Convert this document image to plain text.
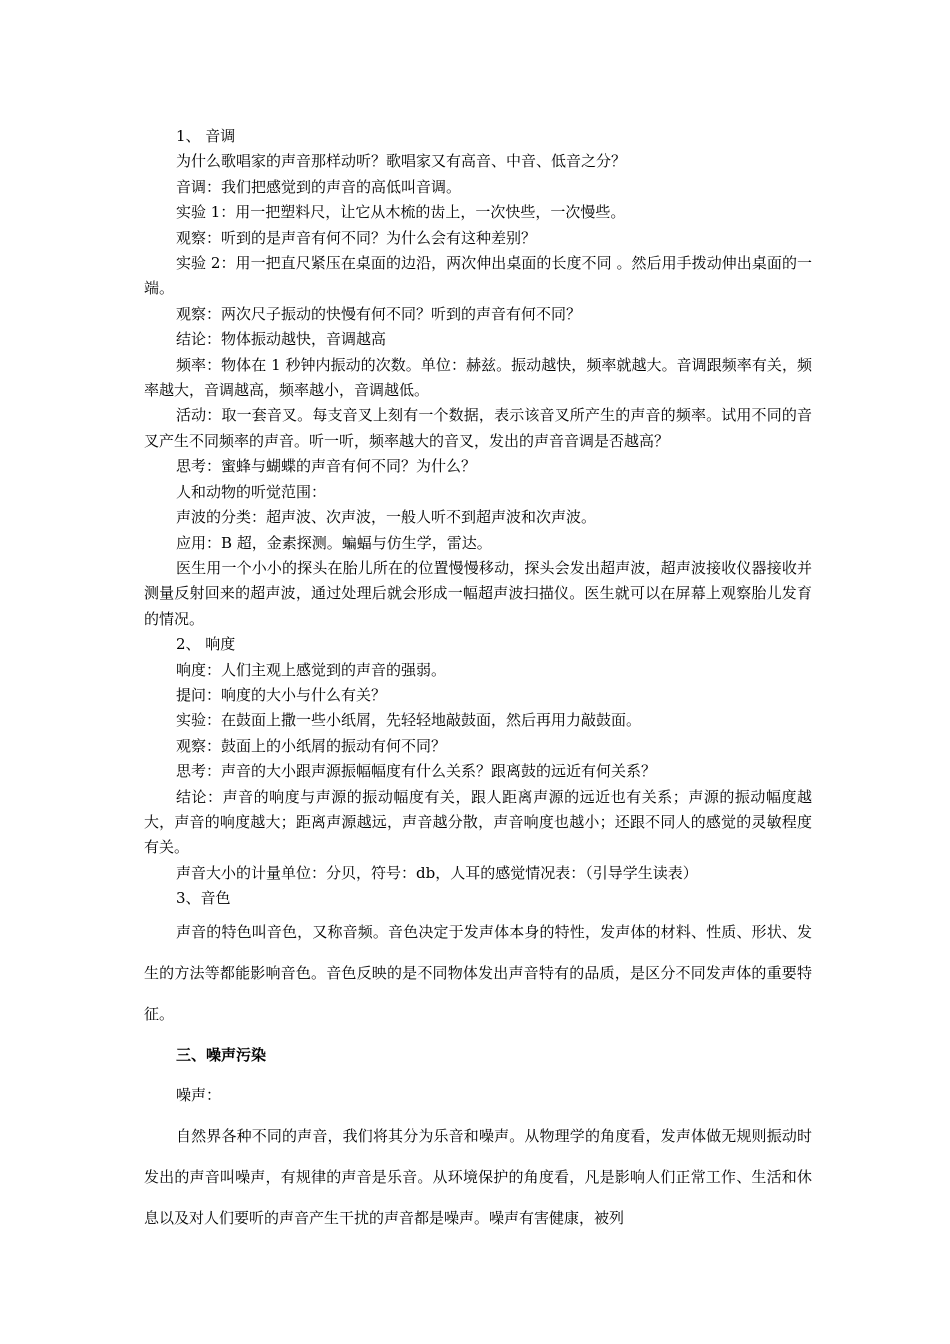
1、 音调

为什么歌唱家的声音那样动听？歌唱家又有高音、中音、低音之分？

音调：我们把感觉到的声音的高低叫音调。

实验 1：用一把塑料尺，让它从木梳的齿上，一次快些，一次慢些。

观察：听到的是声音有何不同？为什么会有这种差别？

实验 2：用一把直尺紧压在桌面的边沿，两次伸出桌面的长度不同 。然后用手拨动伸出桌面的一端。

观察：两次尺子振动的快慢有何不同？听到的声音有何不同？

结论：物体振动越快，音调越高

频率：物体在 1 秒钟内振动的次数。单位：赫兹。振动越快，频率就越大。音调跟频率有关，频率越大，音调越高，频率越小，音调越低。

活动：取一套音叉。每支音叉上刻有一个数据，表示该音叉所产生的声音的频率。试用不同的音叉产生不同频率的声音。听一听，频率越大的音叉，发出的声音音调是否越高？

思考：蜜蜂与蝴蝶的声音有何不同？为什么？

人和动物的听觉范围：

声波的分类：超声波、次声波，一般人听不到超声波和次声波。

应用：B 超，金素探测。蝙蝠与仿生学，雷达。

医生用一个小小的探头在胎儿所在的位置慢慢移动，探头会发出超声波，超声波接收仪器接收并测量反射回来的超声波，通过处理后就会形成一幅超声波扫描仪。医生就可以在屏幕上观察胎儿发育的情况。

2、 响度

响度：人们主观上感觉到的声音的强弱。

提问：响度的大小与什么有关？

实验：在鼓面上撒一些小纸屑，先轻轻地敲鼓面，然后再用力敲鼓面。

观察：鼓面上的小纸屑的振动有何不同？

思考：声音的大小跟声源振幅幅度有什么关系？跟离鼓的远近有何关系？

结论：声音的响度与声源的振动幅度有关，跟人距离声源的远近也有关系；声源的振动幅度越大，声音的响度越大；距离声源越远，声音越分散，声音响度也越小；还跟不同人的感觉的灵敏程度有关。

声音大小的计量单位：分贝，符号：db，人耳的感觉情况表：（引导学生读表）

3、音色

声音的特色叫音色，又称音频。音色决定于发声体本身的特性，发声体的材料、性质、形状、发生的方法等都能影响音色。音色反映的是不同物体发出声音特有的品质，是区分不同发声体的重要特征。

三、噪声污染

噪声：

自然界各种不同的声音，我们将其分为乐音和噪声。从物理学的角度看，发声体做无规则振动时发出的声音叫噪声，有规律的声音是乐音。从环境保护的角度看，凡是影响人们正常工作、生活和休息以及对人们要听的声音产生干扰的声音都是噪声。噪声有害健康，被列
